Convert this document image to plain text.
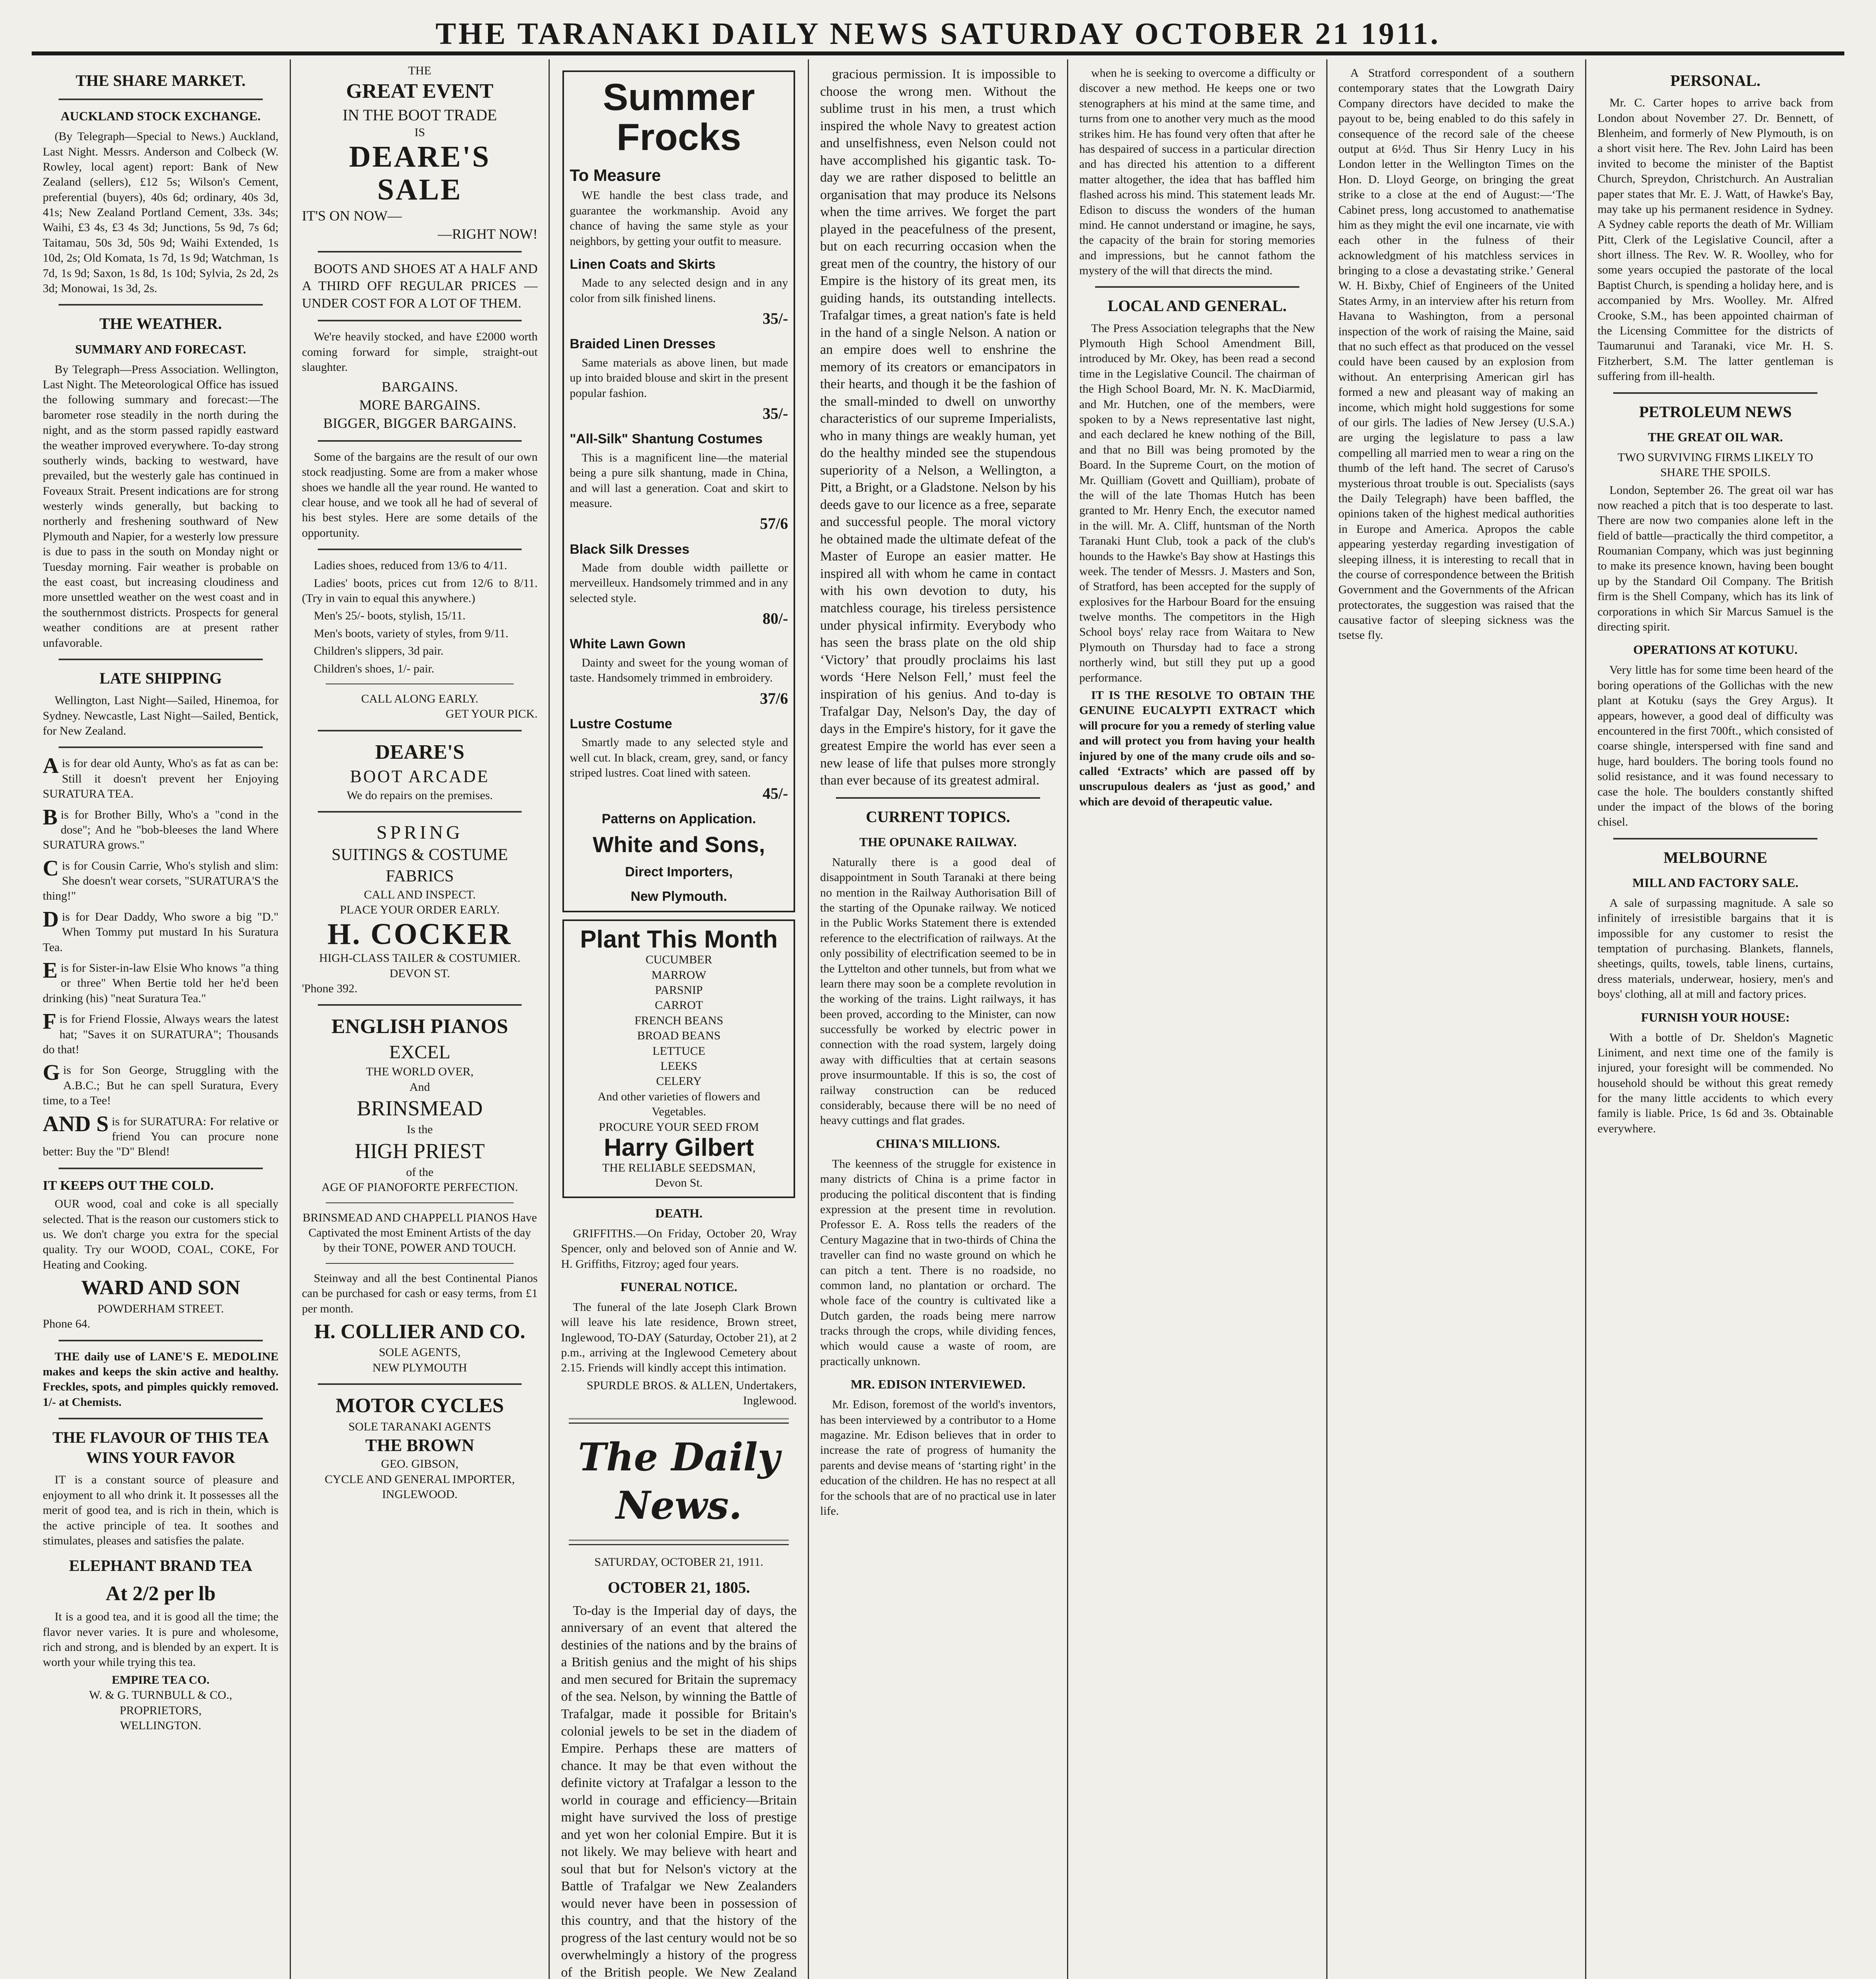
THE TARANAKI DAILY NEWS SATURDAY OCTOBER 21 1911.
THE SHARE MARKET.
AUCKLAND STOCK EXCHANGE.
(By Telegraph—Special to News.) Auckland, Last Night. Messrs. Anderson and Colbeck (W. Rowley, local agent) report: Bank of New Zealand (sellers), £12 5s; Wilson's Cement, preferential (buyers), 40s 6d; ordinary, 40s 3d, 41s; New Zealand Portland Cement, 33s. 34s; Waihi, £3 4s, £3 4s 3d; Junctions, 5s 9d, 7s 6d; Taitamau, 50s 3d, 50s 9d; Waihi Extended, 1s 10d, 2s; Old Komata, 1s 7d, 1s 9d; Watchman, 1s 7d, 1s 9d; Saxon, 1s 8d, 1s 10d; Sylvia, 2s 2d, 2s 3d; Monowai, 1s 3d, 2s.
THE WEATHER.
SUMMARY AND FORECAST.
By Telegraph—Press Association. Wellington, Last Night. The Meteorological Office has issued the following summary and forecast:—The barometer rose steadily in the north during the night, and as the storm passed rapidly eastward the weather improved everywhere. To-day strong southerly winds, backing to westward, have prevailed, but the westerly gale has continued in Foveaux Strait. Present indications are for strong westerly winds generally, but backing to northerly and freshening southward of New Plymouth and Napier, for a westerly low pressure is due to pass in the south on Monday night or Tuesday morning. Fair weather is probable on the east coast, but increasing cloudiness and more unsettled weather on the west coast and in the southernmost districts. Prospects for general weather conditions are at present rather unfavorable.
LATE SHIPPING
Wellington, Last Night—Sailed, Hinemoa, for Sydney. Newcastle, Last Night—Sailed, Bentick, for New Zealand.
Ais for dear old Aunty, Who's as fat as can be: Still it doesn't prevent her Enjoying SURATURA TEA.
Bis for Brother Billy, Who's a "cond in the dose"; And he "bob-bleeses the land Where SURATURA grows."
Cis for Cousin Carrie, Who's stylish and slim: She doesn't wear corsets, "SURATURA'S the thing!"
Dis for Dear Daddy, Who swore a big "D." When Tommy put mustard In his Suratura Tea.
Eis for Sister-in-law Elsie Who knows "a thing or three" When Bertie told her he'd been drinking (his) "neat Suratura Tea."
Fis for Friend Flossie, Always wears the latest hat; "Saves it on SURATURA"; Thousands do that!
Gis for Son George, Struggling with the A.B.C.; But he can spell Suratura, Every time, to a Tee!
AND S is for SURATURA: For relative or friend You can procure none better: Buy the "D" Blend!
IT KEEPS OUT THE COLD.
OUR wood, coal and coke is all specially selected. That is the reason our customers stick to us. We don't charge you extra for the special quality. Try our WOOD, COAL, COKE, For Heating and Cooking.
WARD AND SON
POWDERHAM STREET.
Phone 64.
THE daily use of LANE'S E. MEDOLINE makes and keeps the skin active and healthy. Freckles, spots, and pimples quickly removed. 1/- at Chemists.
THE FLAVOUR OF THIS TEA WINS YOUR FAVOR
IT is a constant source of pleasure and enjoyment to all who drink it. It possesses all the merit of good tea, and is rich in thein, which is the active principle of tea. It soothes and stimulates, pleases and satisfies the palate.
ELEPHANT BRAND TEA
At 2/2 per lb
It is a good tea, and it is good all the time; the flavor never varies. It is pure and wholesome, rich and strong, and is blended by an expert. It is worth your while trying this tea.
EMPIRE TEA CO.
W. & G. TURNBULL & CO.,
PROPRIETORS,
WELLINGTON.
THE
GREAT EVENT
IN THE BOOT TRADE
IS
DEARE'S
SALE
IT'S ON NOW—
—RIGHT NOW!
BOOTS AND SHOES AT A HALF AND A THIRD OFF REGULAR PRICES — UNDER COST FOR A LOT OF THEM.
We're heavily stocked, and have £2000 worth coming forward for simple, straight-out slaughter.
BARGAINS.
MORE BARGAINS.
BIGGER, BIGGER BARGAINS.
Some of the bargains are the result of our own stock readjusting. Some are from a maker whose shoes we handle all the year round. He wanted to clear house, and we took all he had of several of his best styles. Here are some details of the opportunity.
Ladies shoes, reduced from 13/6 to 4/11.
Ladies' boots, prices cut from 12/6 to 8/11. (Try in vain to equal this anywhere.)
Men's 25/- boots, stylish, 15/11.
Men's boots, variety of styles, from 9/11.
Children's slippers, 3d pair.
Children's shoes, 1/- pair.
CALL ALONG EARLY.
GET YOUR PICK.
DEARE'S
BOOT ARCADE
We do repairs on the premises.
SPRING
SUITINGS & COSTUME
FABRICS
CALL AND INSPECT.
PLACE YOUR ORDER EARLY.
H. COCKER
HIGH-CLASS TAILER & COSTUMIER. DEVON ST.
'Phone 392.
ENGLISH PIANOS
EXCEL
THE WORLD OVER,
And
BRINSMEAD
Is the
HIGH PRIEST
of the
AGE OF PIANOFORTE PERFECTION.
BRINSMEAD AND CHAPPELL PIANOS Have Captivated the most Eminent Artists of the day by their TONE, POWER AND TOUCH.
Steinway and all the best Continental Pianos can be purchased for cash or easy terms, from £1 per month.
H. COLLIER AND CO.
SOLE AGENTS,
NEW PLYMOUTH
MOTOR CYCLES
SOLE TARANAKI AGENTS
THE BROWN
GEO. GIBSON,
CYCLE AND GENERAL IMPORTER,
INGLEWOOD.
Summer
Frocks
To Measure
WE handle the best class trade, and guarantee the workmanship. Avoid any chance of having the same style as your neighbors, by getting your outfit to measure.
Linen Coats and Skirts
Made to any selected design and in any color from silk finished linens.
35/-
Braided Linen Dresses
Same materials as above linen, but made up into braided blouse and skirt in the present popular fashion.
35/-
"All-Silk" Shantung Costumes
This is a magnificent line—the material being a pure silk shantung, made in China, and will last a generation. Coat and skirt to measure.
57/6
Black Silk Dresses
Made from double width paillette or merveilleux. Handsomely trimmed and in any selected style.
80/-
White Lawn Gown
Dainty and sweet for the young woman of taste. Handsomely trimmed in embroidery.
37/6
Lustre Costume
Smartly made to any selected style and well cut. In black, cream, grey, sand, or fancy striped lustres. Coat lined with sateen.
45/-
Patterns on Application.
White and Sons,
Direct Importers,
New Plymouth.
Plant This Month
CUCUMBER
MARROW
PARSNIP
CARROT
FRENCH BEANS
BROAD BEANS
LETTUCE
LEEKS
CELERY
And other varieties of flowers and Vegetables.
PROCURE YOUR SEED FROM
Harry Gilbert
THE RELIABLE SEEDSMAN,
Devon St.
DEATH.
GRIFFITHS.—On Friday, October 20, Wray Spencer, only and beloved son of Annie and W. H. Griffiths, Fitzroy; aged four years.
FUNERAL NOTICE.
The funeral of the late Joseph Clark Brown will leave his late residence, Brown street, Inglewood, TO-DAY (Saturday, October 21), at 2 p.m., arriving at the Inglewood Cemetery about 2.15. Friends will kindly accept this intimation.
SPURDLE BROS. & ALLEN, Undertakers, Inglewood.
The Daily News.
SATURDAY, OCTOBER 21, 1911.
OCTOBER 21, 1805.
To-day is the Imperial day of days, the anniversary of an event that altered the destinies of the nations and by the brains of a British genius and the might of his ships and men secured for Britain the supremacy of the sea. Nelson, by winning the Battle of Trafalgar, made it possible for Britain's colonial jewels to be set in the diadem of Empire. Perhaps these are matters of chance. It may be that even without the definite victory at Trafalgar a lesson to the world in courage and efficiency—Britain might have survived the loss of prestige and yet won her colonial Empire. But it is not likely. We may believe with heart and soul that but for Nelson's victory at the Battle of Trafalgar we New Zealanders would never have been in possession of this country, and that the history of the progress of the last century would not be so overwhelmingly a history of the progress of the British people. We New Zealand
gracious permission. It is impossible to choose the wrong men. Without the sublime trust in his men, a trust which inspired the whole Navy to greatest action and unselfishness, even Nelson could not have accomplished his gigantic task. To-day we are rather disposed to belittle an organisation that may produce its Nelsons when the time arrives. We forget the part played in the peacefulness of the present, but on each recurring occasion when the great men of the country, the history of our Empire is the history of its great men, its guiding hands, its outstanding intellects. Trafalgar times, a great nation's fate is held in the hand of a single Nelson. A nation or an empire does well to enshrine the memory of its creators or emancipators in their hearts, and though it be the fashion of the small-minded to dwell on unworthy characteristics of our supreme Imperialists, who in many things are weakly human, yet do the healthy minded see the stupendous superiority of a Nelson, a Wellington, a Pitt, a Bright, or a Gladstone. Nelson by his deeds gave to our licence as a free, separate and successful people. The moral victory he obtained made the ultimate defeat of the Master of Europe an easier matter. He inspired all with whom he came in contact with his own devotion to duty, his matchless courage, his tireless persistence under physical infirmity. Everybody who has seen the brass plate on the old ship ‘Victory’ that proudly proclaims his last words ‘Here Nelson Fell,’ must feel the inspiration of his genius. And to-day is Trafalgar Day, Nelson's Day, the day of days in the Empire's history, for it gave the greatest Empire the world has ever seen a new lease of life that pulses more strongly than ever because of its greatest admiral.
CURRENT TOPICS.
THE OPUNAKE RAILWAY.
Naturally there is a good deal of disappointment in South Taranaki at there being no mention in the Railway Authorisation Bill of the starting of the Opunake railway. We noticed in the Public Works Statement there is extended reference to the electrification of railways. At the only possibility of electrification seemed to be in the Lyttelton and other tunnels, but from what we learn there may soon be a complete revolution in the working of the trains. Light railways, it has been proved, according to the Minister, can now successfully be worked by electric power in connection with the road system, largely doing away with difficulties that at certain seasons prove insurmountable. If this is so, the cost of railway construction can be reduced considerably, because there will be no need of heavy cuttings and flat grades.
CHINA'S MILLIONS.
The keenness of the struggle for existence in many districts of China is a prime factor in producing the political discontent that is finding expression at the present time in revolution. Professor E. A. Ross tells the readers of the Century Magazine that in two-thirds of China the traveller can find no waste ground on which he can pitch a tent. There is no roadside, no common land, no plantation or orchard. The whole face of the country is cultivated like a Dutch garden, the roads being mere narrow tracks through the crops, while dividing fences, which would cause a waste of room, are practically unknown.
MR. EDISON INTERVIEWED.
Mr. Edison, foremost of the world's inventors, has been interviewed by a contributor to a Home magazine. Mr. Edison believes that in order to increase the rate of progress of humanity the parents and devise means of ‘starting right’ in the education of the children. He has no respect at all for the schools that are of no practical use in later life.
when he is seeking to overcome a difficulty or discover a new method. He keeps one or two stenographers at his mind at the same time, and turns from one to another very much as the mood strikes him. He has found very often that after he has despaired of success in a particular direction and has directed his attention to a different matter altogether, the idea that has baffled him flashed across his mind. This statement leads Mr. Edison to discuss the wonders of the human mind. He cannot understand or imagine, he says, the capacity of the brain for storing memories and impressions, but he cannot fathom the mystery of the will that directs the mind.
LOCAL AND GENERAL.
The Press Association telegraphs that the New Plymouth High School Amendment Bill, introduced by Mr. Okey, has been read a second time in the Legislative Council. The chairman of the High School Board, Mr. N. K. MacDiarmid, and Mr. Hutchen, one of the members, were spoken to by a News representative last night, and each declared he knew nothing of the Bill, and that no Bill was being promoted by the Board. In the Supreme Court, on the motion of Mr. Quilliam (Govett and Quilliam), probate of the will of the late Thomas Hutch has been granted to Mr. Henry Ench, the executor named in the will. Mr. A. Cliff, huntsman of the North Taranaki Hunt Club, took a pack of the club's hounds to the Hawke's Bay show at Hastings this week. The tender of Messrs. J. Masters and Son, of Stratford, has been accepted for the supply of explosives for the Harbour Board for the ensuing twelve months. The competitors in the High School boys' relay race from Waitara to New Plymouth on Thursday had to face a strong northerly wind, but still they put up a good performance.
IT IS THE RESOLVE TO OBTAIN THE GENUINE EUCALYPTI EXTRACT which will procure for you a remedy of sterling value and will protect you from having your health injured by one of the many crude oils and so-called ‘Extracts’ which are passed off by unscrupulous dealers as ‘just as good,’ and which are devoid of therapeutic value.
A Stratford correspondent of a southern contemporary states that the Lowgrath Dairy Company directors have decided to make the payout to be, being enabled to do this safely in consequence of the record sale of the cheese output at 6½d. Thus Sir Henry Lucy in his London letter in the Wellington Times on the Hon. D. Lloyd George, on bringing the great strike to a close at the end of August:—‘The Cabinet press, long accustomed to anathematise him as they might the evil one incarnate, vie with each other in the fulness of their acknowledgment of his matchless services in bringing to a close a devastating strike.’ General W. H. Bixby, Chief of Engineers of the United States Army, in an interview after his return from Havana to Washington, from a personal inspection of the work of raising the Maine, said that no such effect as that produced on the vessel could have been caused by an explosion from without. An enterprising American girl has formed a new and pleasant way of making an income, which might hold suggestions for some of our girls. The ladies of New Jersey (U.S.A.) are urging the legislature to pass a law compelling all married men to wear a ring on the thumb of the left hand. The secret of Caruso's mysterious throat trouble is out. Specialists (says the Daily Telegraph) have been baffled, the opinions taken of the highest medical authorities in Europe and America. Apropos the cable appearing yesterday regarding investigation of sleeping illness, it is interesting to recall that in the course of correspondence between the British Government and the Governments of the African protectorates, the suggestion was raised that the causative factor of sleeping sickness was the tsetse fly.
PERSONAL.
Mr. C. Carter hopes to arrive back from London about November 27. Dr. Bennett, of Blenheim, and formerly of New Plymouth, is on a short visit here. The Rev. John Laird has been invited to become the minister of the Baptist Church, Spreydon, Christchurch. An Australian paper states that Mr. E. J. Watt, of Hawke's Bay, may take up his permanent residence in Sydney. A Sydney cable reports the death of Mr. William Pitt, Clerk of the Legislative Council, after a short illness. The Rev. W. R. Woolley, who for some years occupied the pastorate of the local Baptist Church, is spending a holiday here, and is accompanied by Mrs. Woolley. Mr. Alfred Crooke, S.M., has been appointed chairman of the Licensing Committee for the districts of Taumarunui and Taranaki, vice Mr. H. S. Fitzherbert, S.M. The latter gentleman is suffering from ill-health.
PETROLEUM NEWS
THE GREAT OIL WAR.
TWO SURVIVING FIRMS LIKELY TO SHARE THE SPOILS.
London, September 26. The great oil war has now reached a pitch that is too desperate to last. There are now two companies alone left in the field of battle—practically the third competitor, a Roumanian Company, which was just beginning to make its presence known, having been bought up by the Standard Oil Company. The British firm is the Shell Company, which has its link of corporations in which Sir Marcus Samuel is the directing spirit.
OPERATIONS AT KOTUKU.
Very little has for some time been heard of the boring operations of the Gollichas with the new plant at Kotuku (says the Grey Argus). It appears, however, a good deal of difficulty was encountered in the first 700ft., which consisted of coarse shingle, interspersed with fine sand and huge, hard boulders. The boring tools found no solid resistance, and it was found necessary to case the hole. The boulders constantly shifted under the impact of the blows of the boring chisel.
MELBOURNE
MILL AND FACTORY SALE.
A sale of surpassing magnitude. A sale so infinitely of irresistible bargains that it is impossible for any customer to resist the temptation of purchasing. Blankets, flannels, sheetings, quilts, towels, table linens, curtains, dress materials, underwear, hosiery, men's and boys' clothing, all at mill and factory prices.
FURNISH YOUR HOUSE:
With a bottle of Dr. Sheldon's Magnetic Liniment, and next time one of the family is injured, your foresight will be commended. No household should be without this great remedy for the many little accidents to which every family is liable. Price, 1s 6d and 3s. Obtainable everywhere.
